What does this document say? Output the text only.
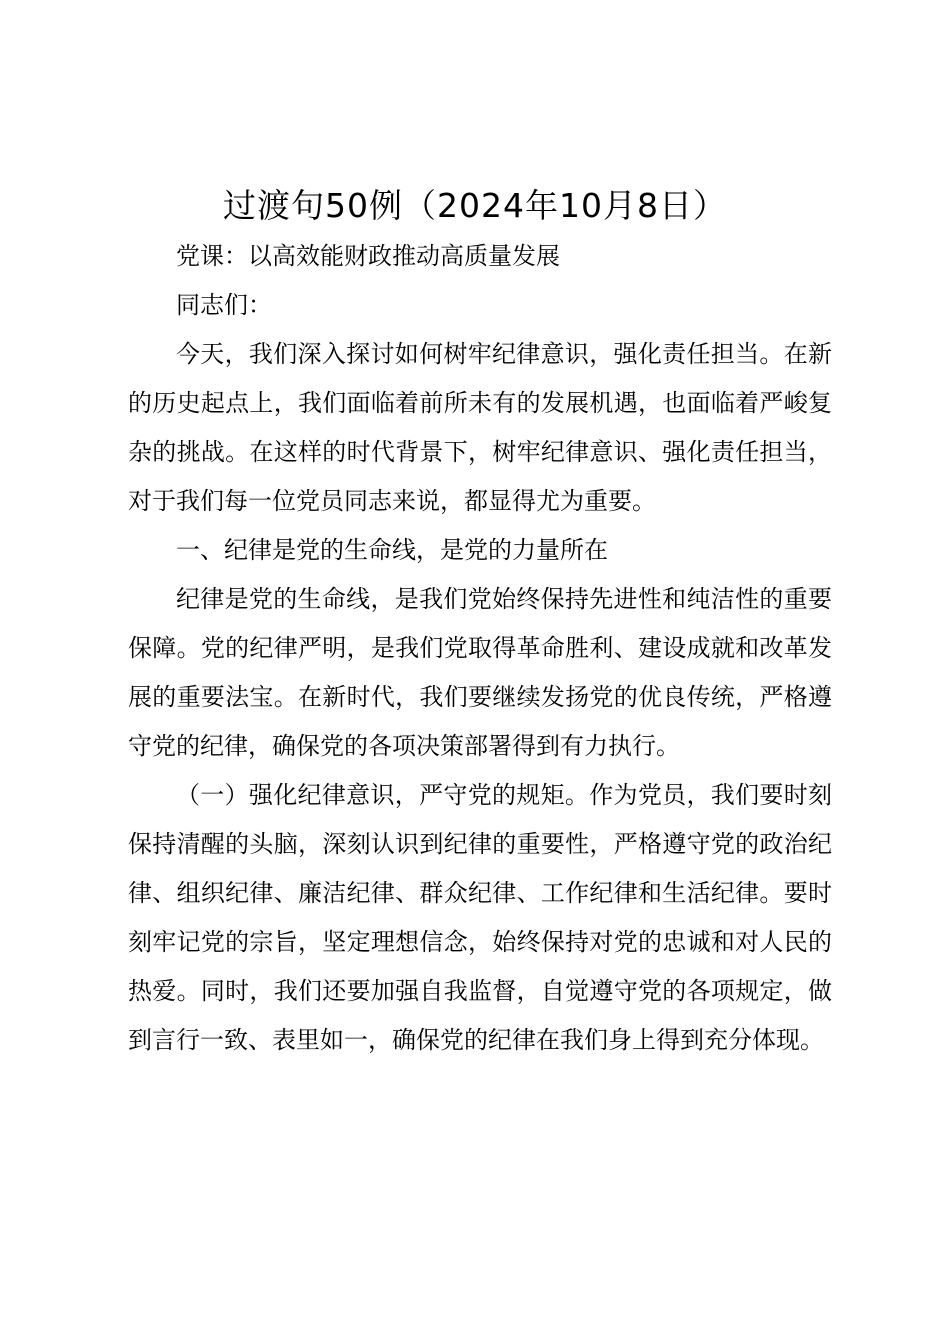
过渡句50例（2024年10月8日）

党课：以高效能财政推动高质量发展

同志们：

今天，我们深入探讨如何树牢纪律意识，强化责任担当。在新的历史起点上，我们面临着前所未有的发展机遇，也面临着严峻复杂的挑战。在这样的时代背景下，树牢纪律意识、强化责任担当，对于我们每一位党员同志来说，都显得尤为重要。

一、纪律是党的生命线，是党的力量所在

纪律是党的生命线，是我们党始终保持先进性和纯洁性的重要保障。党的纪律严明，是我们党取得革命胜利、建设成就和改革发展的重要法宝。在新时代，我们要继续发扬党的优良传统，严格遵守党的纪律，确保党的各项决策部署得到有力执行。

（一）强化纪律意识，严守党的规矩。作为党员，我们要时刻保持清醒的头脑，深刻认识到纪律的重要性，严格遵守党的政治纪律、组织纪律、廉洁纪律、群众纪律、工作纪律和生活纪律。要时刻牢记党的宗旨，坚定理想信念，始终保持对党的忠诚和对人民的热爱。同时，我们还要加强自我监督，自觉遵守党的各项规定，做到言行一致、表里如一，确保党的纪律在我们身上得到充分体现。
